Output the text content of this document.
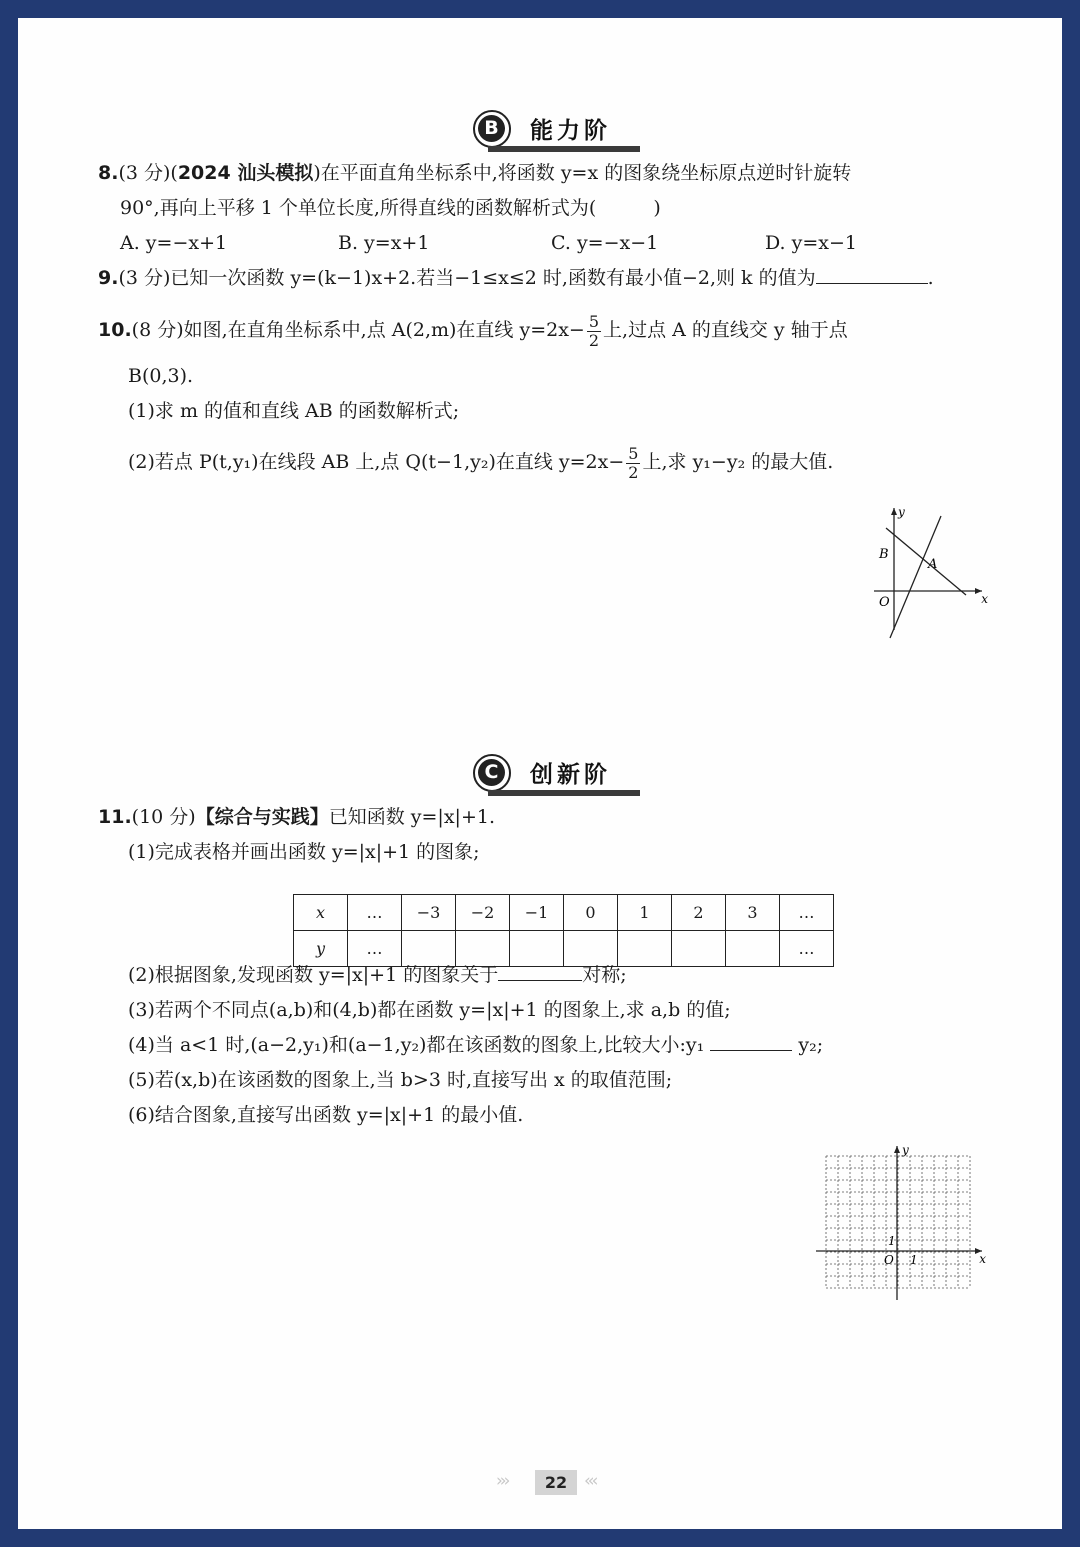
B 能力阶
8.(3 分)(2024 汕头模拟)在平面直角坐标系中,将函数 y=x 的图象绕坐标原点逆时针旋转
90°,再向上平移 1 个单位长度,所得直线的函数解析式为(　　　)
A. y=−x+1	B. y=x+1	C. y=−x−1	D. y=x−1
9.(3 分)已知一次函数 y=(k−1)x+2.若当−1≤x≤2 时,函数有最小值−2,则 k 的值为	.
10.(8 分)如图,在直角坐标系中,点 A(2,m)在直线 $y=2x- \frac{5}{2}$ 上,过点 A 的直线交 y 轴于点
B(0,3).
(1)求 m 的值和直线 AB 的函数解析式;
(2)若点 P(t,y₁)在线段 AB 上,点 Q(t−1,y₂)在直线 $y=2x- \frac{5}{2}$ 上,求 y₁−y₂ 的最大值.
y
x
B
A
O
C 创新阶
11.(10 分)【综合与实践】已知函数 y=|x|+1.
(1)完成表格并画出函数 y=|x|+1 的图象;
x	…	−3	−2	−1	0	1	2	3	…
y	…								…
(2)根据图象,发现函数 y=|x|+1 的图象关于	对称;
(3)若两个不同点(a,b)和(4,b)都在函数 y=|x|+1 的图象上,求 a,b 的值;
(4)当 a<1 时,(a−2,y₁)和(a−1,y₂)都在该函数的图象上,比较大小:y₁	y₂;
(5)若(x,b)在该函数的图象上,当 b>3 时,直接写出 x 的取值范围;
(6)结合图象,直接写出函数 y=|x|+1 的最小值.
y
x
O 1
1
›››	22 ‹‹‹
